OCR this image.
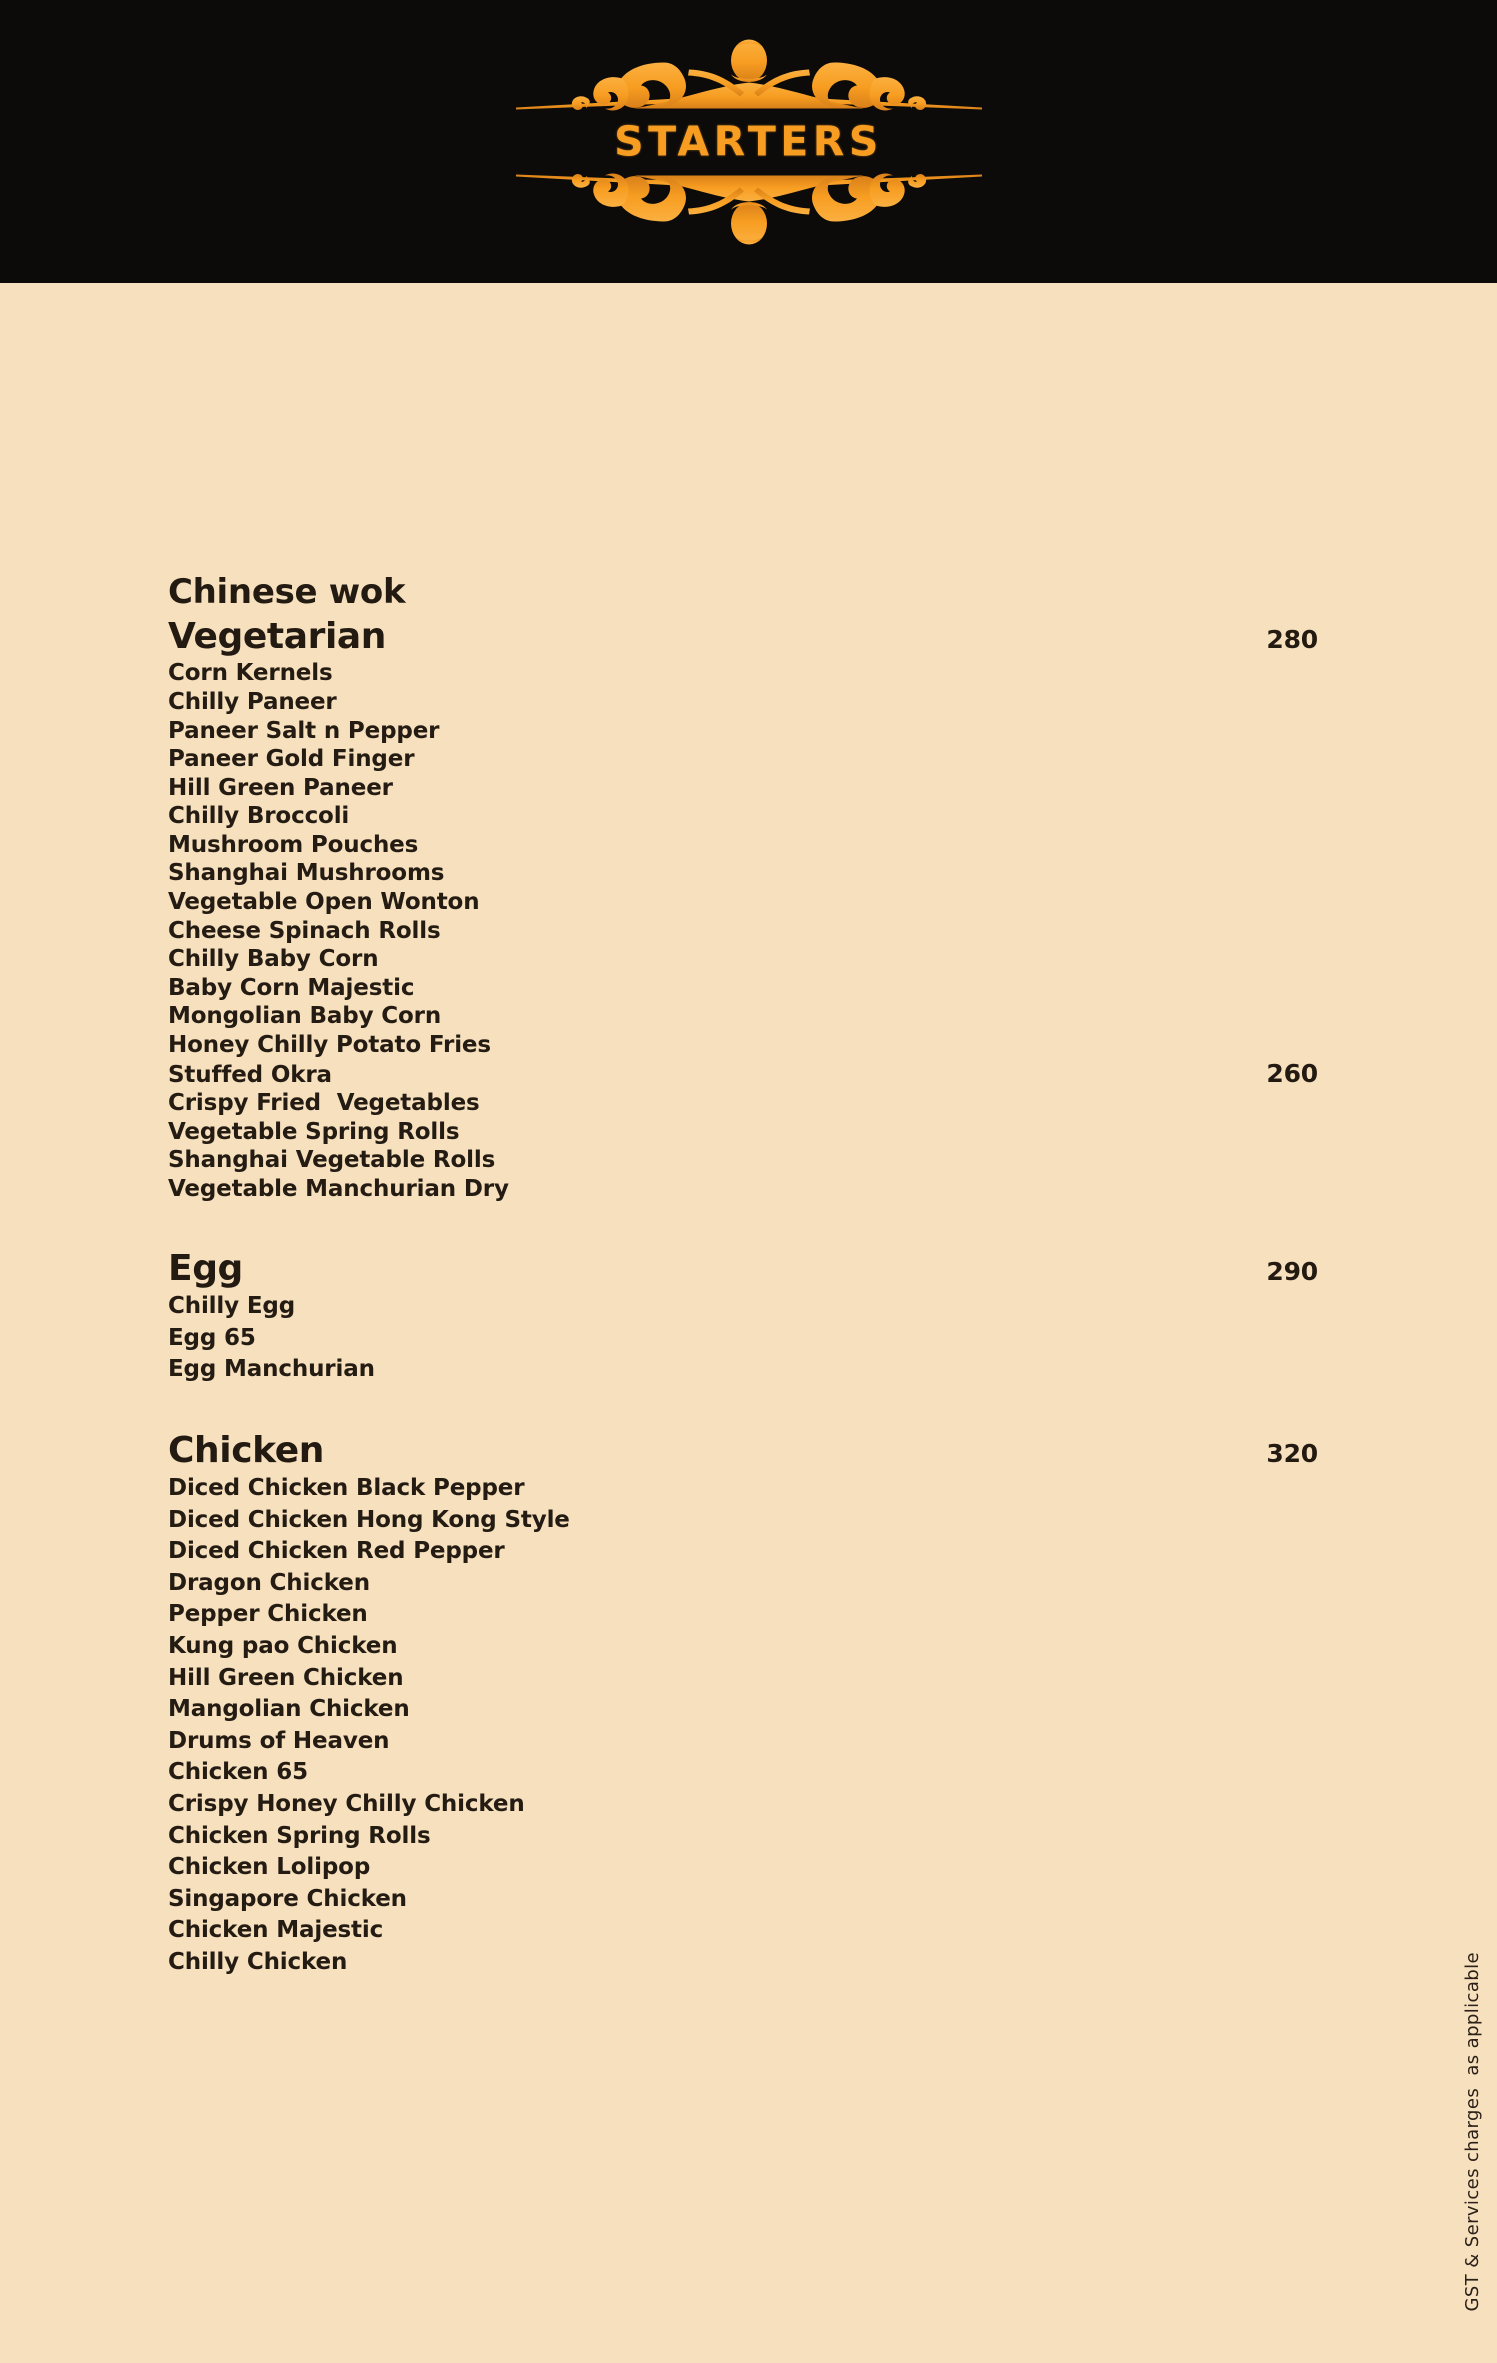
STARTERS
Chinese wok
Vegetarian	280
Corn Kernels
Chilly Paneer
Paneer Salt n Pepper
Paneer Gold Finger
Hill Green Paneer
Chilly Broccoli
Mushroom Pouches
Shanghai Mushrooms
Vegetable Open Wonton
Cheese Spinach Rolls
Chilly Baby Corn
Baby Corn Majestic
Mongolian Baby Corn
Honey Chilly Potato Fries
Stuffed Okra	260
Crispy Fried  Vegetables
Vegetable Spring Rolls
Shanghai Vegetable Rolls
Vegetable Manchurian Dry
Egg	290
Chilly Egg
Egg 65
Egg Manchurian
Chicken	320
Diced Chicken Black Pepper
Diced Chicken Hong Kong Style
Diced Chicken Red Pepper
Dragon Chicken
Pepper Chicken
Kung pao Chicken
Hill Green Chicken
Mangolian Chicken
Drums of Heaven
Chicken 65
Crispy Honey Chilly Chicken
Chicken Spring Rolls
Chicken Lolipop
Singapore Chicken
Chicken Majestic
Chilly Chicken	GST & Services charges  as applicable
